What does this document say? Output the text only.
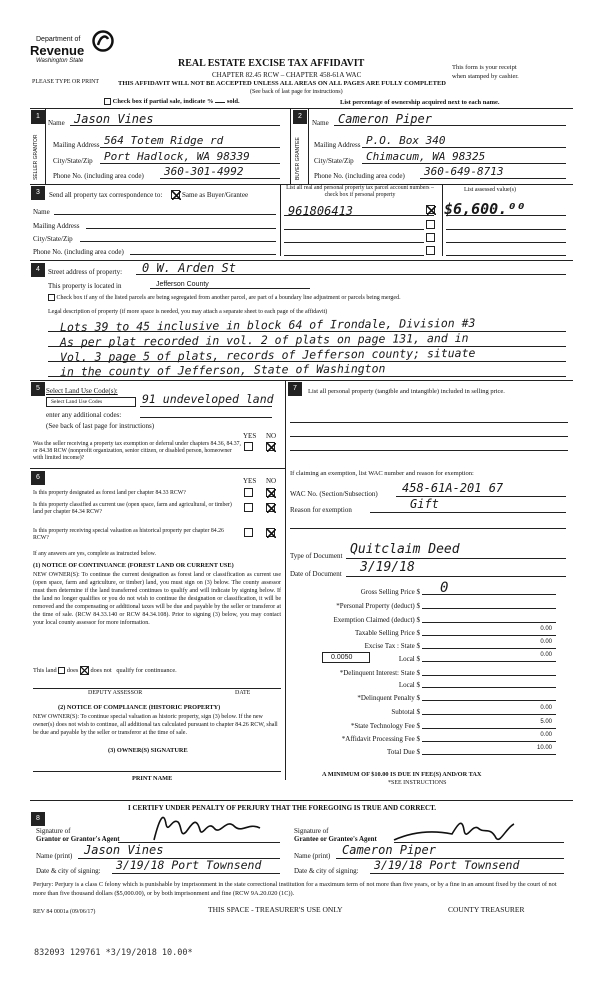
Department of
Revenue
Washington State
PLEASE TYPE OR PRINT
REAL ESTATE EXCISE TAX AFFIDAVIT
CHAPTER 82.45 RCW – CHAPTER 458-61A WAC
THIS AFFIDAVIT WILL NOT BE ACCEPTED UNLESS ALL AREAS ON ALL PAGES ARE FULLY COMPLETED
(See back of last page for instructions)
This form is your receipt
when stamped by cashier.
Check box if partial sale, indicate % sold.	List percentage of ownership acquired next to each name.
1
SELLER GRANTOR
Name Jason Vines
Mailing Address 564 Totem Ridge rd
City/State/Zip Port Hadlock, WA 98339
Phone No. (including area code) 360-301-4992
2
BUYER GRANTEE
Name Cameron Piper
Mailing Address P.O. Box 340
City/State/Zip Chimacum, WA 98325
Phone No. (including area code) 360-649-8713
3	Send all property tax correspondence to:	Same as Buyer/Grantee
Name
Mailing Address
City/State/Zip
Phone No. (including area code)
List all real and personal property tax parcel account numbers – check box if personal property
List assessed value(s)
961806413	$6,600.⁰⁰
4	Street address of property: 0 W. Arden St
This property is located in	Jefferson County
Check box if any of the listed parcels are being segregated from another parcel, are part of a boundary line adjustment or parcels being merged.
Legal description of property (if more space is needed, you may attach a separate sheet to each page of the affidavit)
Lots 39 to 45 inclusive in block 64 of Irondale, Division #3
As per plat recorded in vol. 2 of plats on page 131, and in
Vol. 3 page 5 of plats, records of Jefferson county; situate
in the county of Jefferson, State of Washington
5 Select Land Use Code(s):
Select Land Use Codes	91 undeveloped land
enter any additional codes:
(See back of last page for instructions)
YES NO
Was the seller receiving a property tax exemption or deferral under chapters 84.36, 84.37, or 84.38 RCW (nonprofit organization, senior citizen, or disabled person, homeowner with limited income)?
6	YES NO
Is this property designated as forest land per chapter 84.33 RCW?
Is this property classified as current use (open space, farm and agricultural, or timber) land per chapter 84.34 RCW?
Is this property receiving special valuation as historical property per chapter 84.26 RCW?
If any answers are yes, complete as instructed below.
(1) NOTICE OF CONTINUANCE (FOREST LAND OR CURRENT USE)
NEW OWNER(S): To continue the current designation as forest land or classification as current use (open space, farm and agriculture, or timber) land, you must sign on (3) below. The county assessor must then determine if the land transferred continues to qualify and will indicate by signing below. If the land no longer qualifies or you do not wish to continue the designation or classification, it will be removed and the compensating or additional taxes will be due and payable by the seller or transferor at the time of sale. (RCW 84.33.140 or RCW 84.34.108). Prior to signing (3) below, you may contact your local county assessor for more information.
This land does does not qualify for continuance.
DEPUTY ASSESSOR	DATE
(2) NOTICE OF COMPLIANCE (HISTORIC PROPERTY)
NEW OWNER(S): To continue special valuation as historic property, sign (3) below. If the new owner(s) does not wish to continue, all additional tax calculated pursuant to chapter 84.26 RCW, shall be due and payable by the seller or transferor at the time of sale.
(3) OWNER(S) SIGNATURE
PRINT NAME
7	List all personal property (tangible and intangible) included in selling price.
If claiming an exemption, list WAC number and reason for exemption:
WAC No. (Section/Subsection) 458-61A-201 67
Reason for exemption	Gift
Type of Document Quitclaim Deed
Date of Document 3/19/18
Gross Selling Price $ 0
*Personal Property (deduct) $
Exemption Claimed (deduct) $
Taxable Selling Price $	0.00
Excise Tax : State $	0.00
0.0050	Local $	0.00
*Delinquent Interest: State $
Local $
*Delinquent Penalty $
Subtotal $	0.00
*State Technology Fee $	5.00
*Affidavit Processing Fee $	0.00
Total Due $	10.00
A MINIMUM OF $10.00 IS DUE IN FEE(S) AND/OR TAX
*SEE INSTRUCTIONS
8
I CERTIFY UNDER PENALTY OF PERJURY THAT THE FOREGOING IS TRUE AND CORRECT.
Signature of
Grantor or Grantor's Agent
Signature of
Grantee or Grantee's Agent
Name (print) Jason Vines	Name (print) Cameron Piper
Date & city of signing: 3/19/18 Port Townsend	Date & city of signing: 3/19/18 Port Townsend
Perjury: Perjury is a class C felony which is punishable by imprisonment in the state correctional institution for a maximum term of not more than five years, or by a fine in an amount fixed by the court of not more than five thousand dollars ($5,000.00), or by both imprisonment and fine (RCW 9A.20.020 (1C)).
REV 84 0001a (09/06/17)	THIS SPACE - TREASURER'S USE ONLY	COUNTY TREASURER
832093 129761 *3/19/2018 10.00*
